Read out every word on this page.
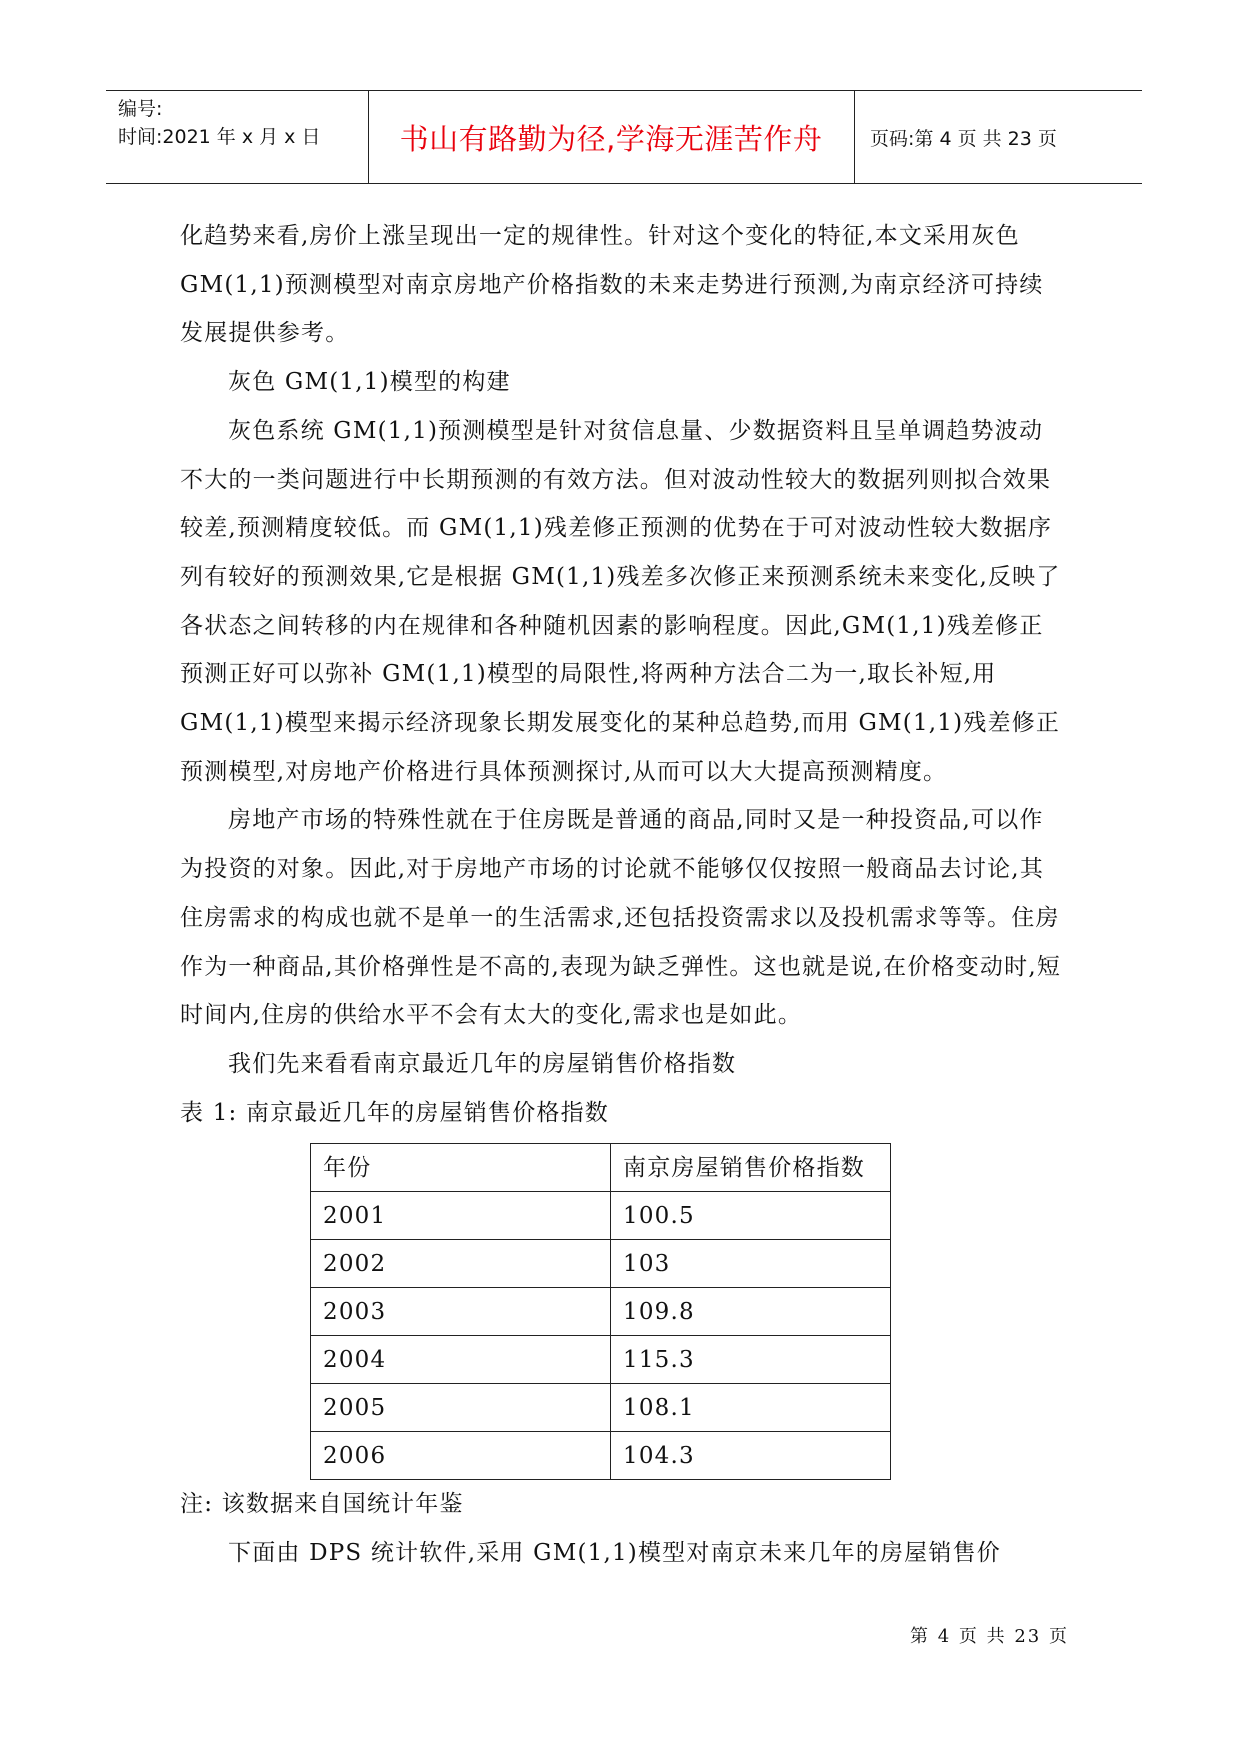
编号:
时间:2021 年 x 月 x 日	书山有路勤为径,学海无涯苦作舟	页码:第 4 页 共 23 页

化趋势来看,房价上涨呈现出一定的规律性。针对这个变化的特征,本文采用灰色 GM(1,1)预测模型对南京房地产价格指数的未来走势进行预测,为南京经济可持续发展提供参考。

灰色 GM(1,1)模型的构建

灰色系统 GM(1,1)预测模型是针对贫信息量、少数据资料且呈单调趋势波动不大的一类问题进行中长期预测的有效方法。但对波动性较大的数据列则拟合效果较差,预测精度较低。而 GM(1,1)残差修正预测的优势在于可对波动性较大数据序列有较好的预测效果,它是根据 GM(1,1)残差多次修正来预测系统未来变化,反映了各状态之间转移的内在规律和各种随机因素的影响程度。因此,GM(1,1)残差修正预测正好可以弥补 GM(1,1)模型的局限性,将两种方法合二为一,取长补短,用 GM(1,1)模型来揭示经济现象长期发展变化的某种总趋势,而用 GM(1,1)残差修正预测模型,对房地产价格进行具体预测探讨,从而可以大大提高预测精度。

房地产市场的特殊性就在于住房既是普通的商品,同时又是一种投资品,可以作为投资的对象。因此,对于房地产市场的讨论就不能够仅仅按照一般商品去讨论,其住房需求的构成也就不是单一的生活需求,还包括投资需求以及投机需求等等。住房作为一种商品,其价格弹性是不高的,表现为缺乏弹性。这也就是说,在价格变动时,短时间内,住房的供给水平不会有太大的变化,需求也是如此。

我们先来看看南京最近几年的房屋销售价格指数

表 1: 南京最近几年的房屋销售价格指数

年份	南京房屋销售价格指数
2001	100.5
2002	103
2003	109.8
2004	115.3
2005	108.1
2006	104.3

注: 该数据来自国统计年鉴

下面由 DPS 统计软件,采用 GM(1,1)模型对南京未来几年的房屋销售价

第 4 页 共 23 页
